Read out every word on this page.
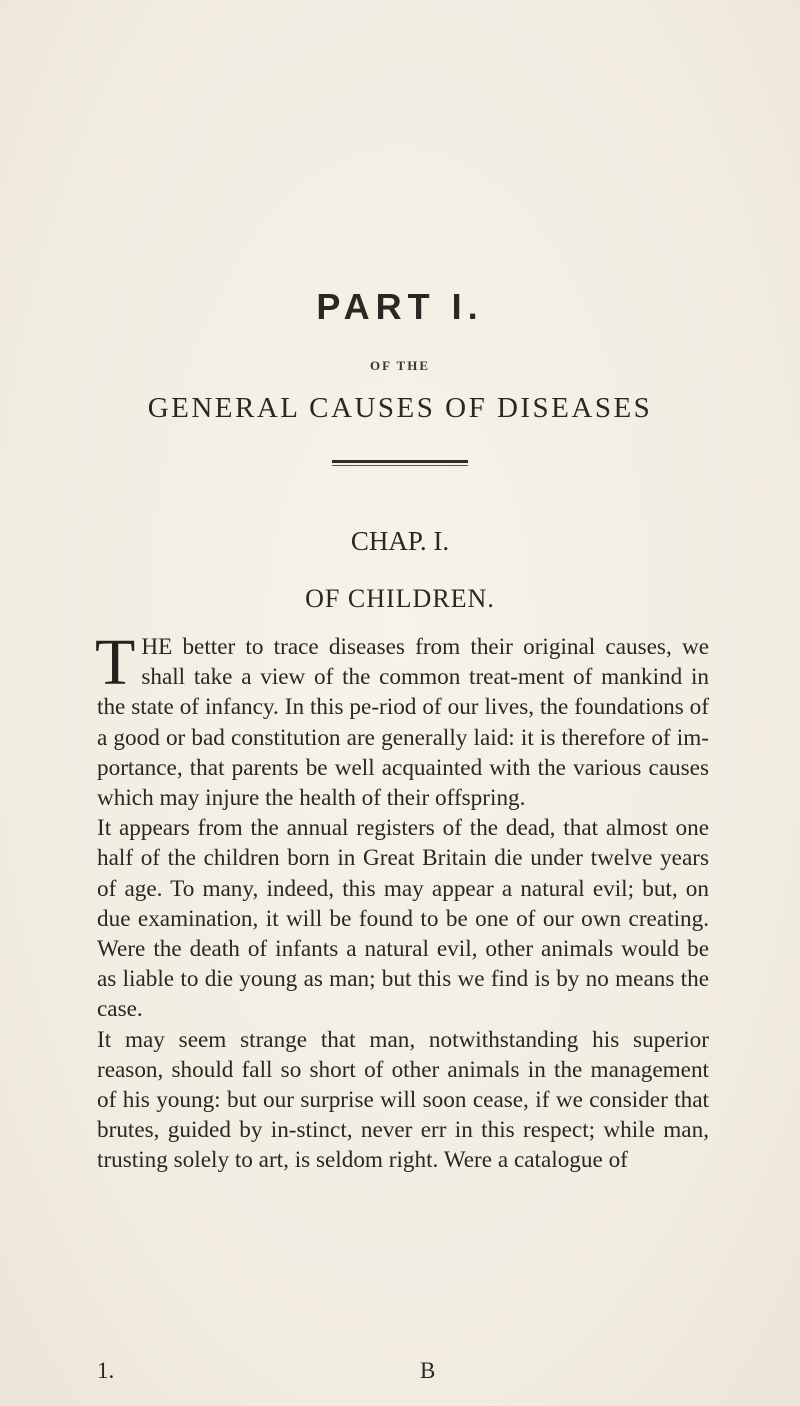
PART I.
OF THE
GENERAL CAUSES OF DISEASES
CHAP. I.
OF CHILDREN.

THE better to trace diseases from their original causes, we shall take a view of the common treat-ment of mankind in the state of infancy. In this pe-riod of our lives, the foundations of a good or bad constitution are generally laid: it is therefore of im-portance, that parents be well acquainted with the various causes which may injure the health of their offspring.

It appears from the annual registers of the dead, that almost one half of the children born in Great Britain die under twelve years of age. To many, indeed, this may appear a natural evil; but, on due examination, it will be found to be one of our own creating. Were the death of infants a natural evil, other animals would be as liable to die young as man; but this we find is by no means the case.

It may seem strange that man, notwithstanding his superior reason, should fall so short of other animals in the management of his young: but our surprise will soon cease, if we consider that brutes, guided by in-stinct, never err in this respect; while man, trusting solely to art, is seldom right. Were a catalogue of

1.	B
